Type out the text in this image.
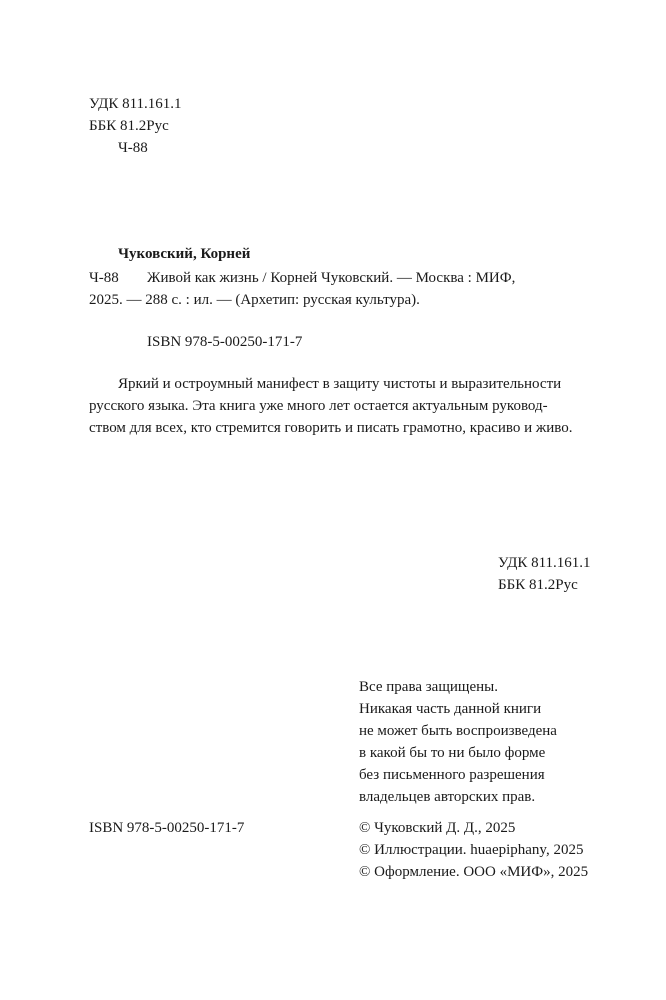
УДК 811.161.1
ББК 81.2Рус
Ч-88
Чуковский, Корней
Ч-88 Живой как жизнь / Корней Чуковский. — Москва : МИФ,
2025. — 288 с. : ил. — (Архетип: русская культура).
ISBN 978-5-00250-171-7
Яркий и остроумный манифест в защиту чистоты и выразительности
русского языка. Эта книга уже много лет остается актуальным руковод-
ством для всех, кто стремится говорить и писать грамотно, красиво и живо.
УДК 811.161.1
ББК 81.2Рус
Все права защищены.
Никакая часть данной книги
не может быть воспроизведена
в какой бы то ни было форме
без письменного разрешения
владельцев авторских прав.
ISBN 978-5-00250-171-7	© Чуковский Д. Д., 2025
© Иллюстрации. huaepiphany, 2025
© Оформление. ООО «МИФ», 2025
